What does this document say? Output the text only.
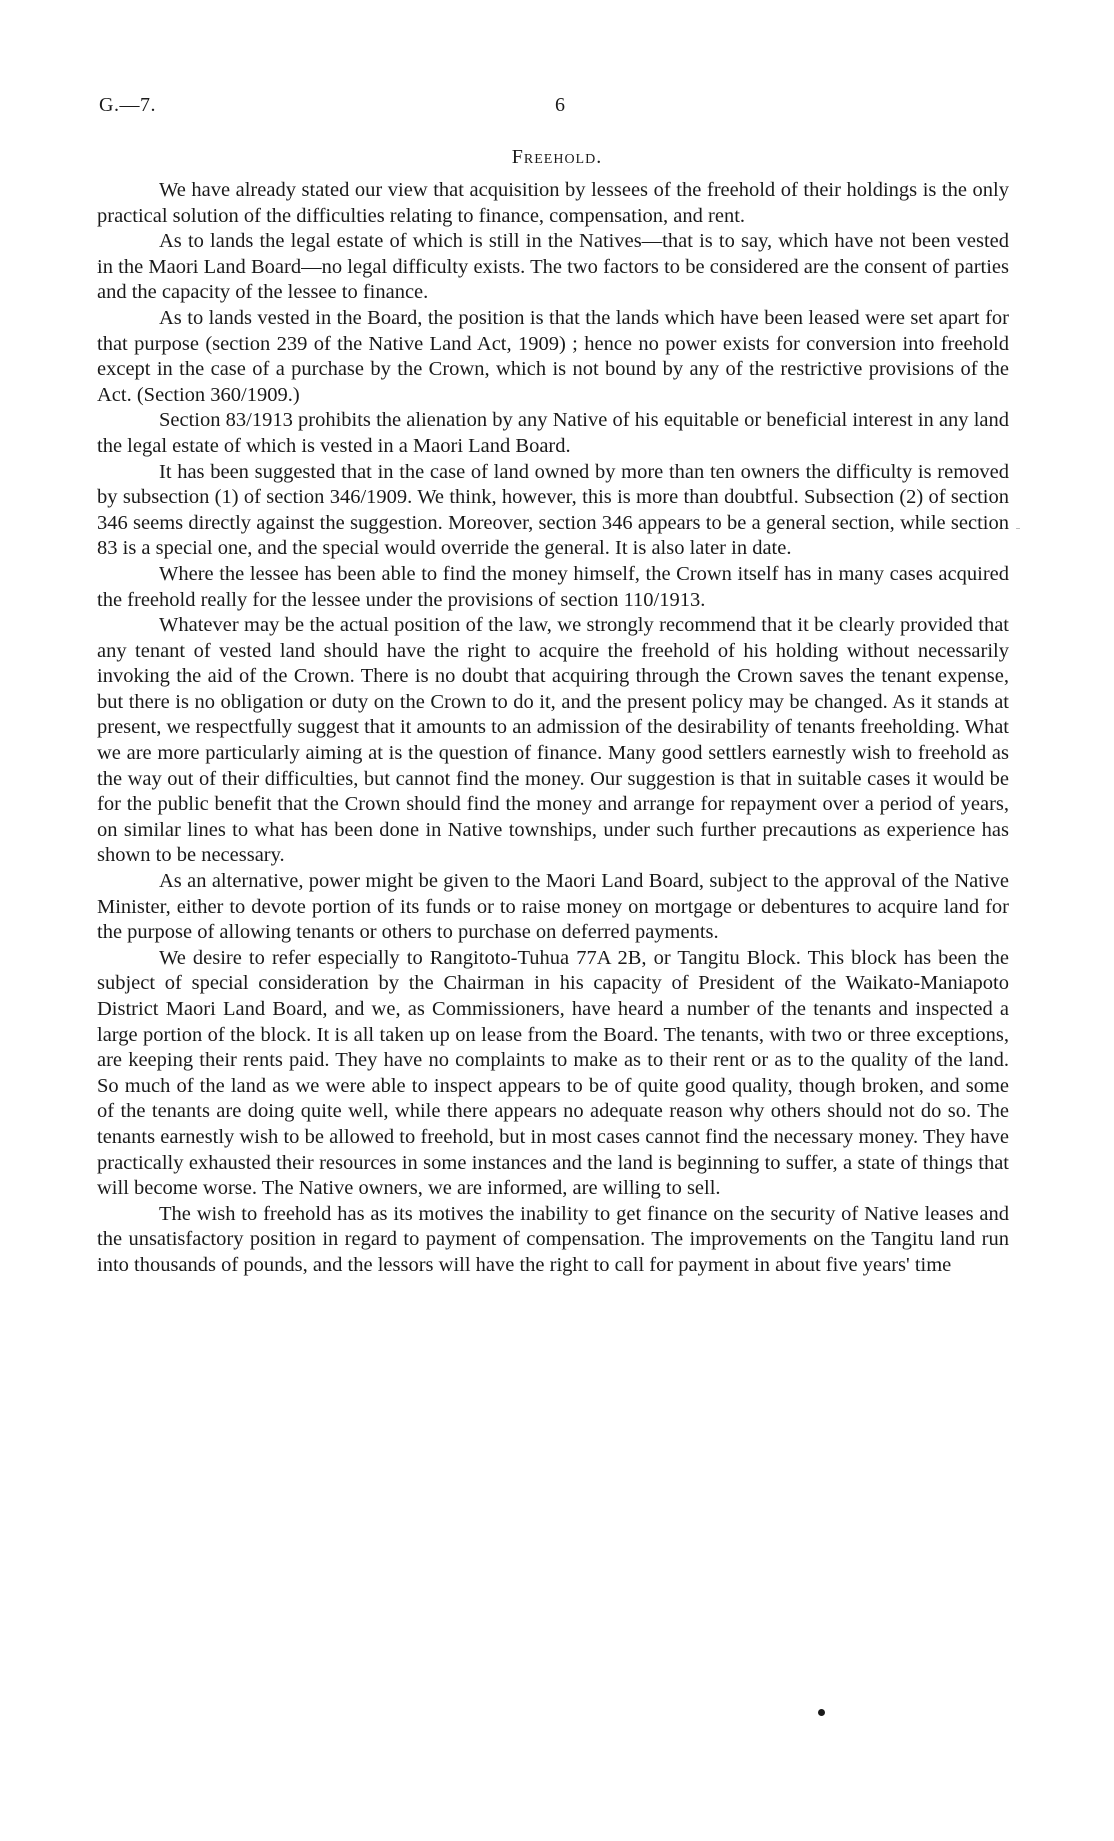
G.—7.	6
Freehold.

We have already stated our view that acquisition by lessees of the freehold of their holdings is the only practical solution of the difficulties relating to finance, compensation, and rent.

As to lands the legal estate of which is still in the Natives—that is to say, which have not been vested in the Maori Land Board—no legal difficulty exists. The two factors to be considered are the consent of parties and the capacity of the lessee to finance.

As to lands vested in the Board, the position is that the lands which have been leased were set apart for that purpose (section 239 of the Native Land Act, 1909) ; hence no power exists for conversion into freehold except in the case of a purchase by the Crown, which is not bound by any of the restrictive provisions of the Act. (Section 360/1909.)

Section 83/1913 prohibits the alienation by any Native of his equitable or beneficial interest in any land the legal estate of which is vested in a Maori Land Board.

It has been suggested that in the case of land owned by more than ten owners the difficulty is removed by subsection (1) of section 346/1909. We think, however, this is more than doubtful. Subsection (2) of section 346 seems directly against the suggestion. Moreover, section 346 appears to be a general section, while section 83 is a special one, and the special would override the general. It is also later in date.

Where the lessee has been able to find the money himself, the Crown itself has in many cases acquired the freehold really for the lessee under the provisions of section 110/1913.

Whatever may be the actual position of the law, we strongly recommend that it be clearly provided that any tenant of vested land should have the right to acquire the freehold of his holding without necessarily invoking the aid of the Crown. There is no doubt that acquiring through the Crown saves the tenant expense, but there is no obligation or duty on the Crown to do it, and the present policy may be changed. As it stands at present, we respectfully suggest that it amounts to an admission of the desirability of tenants freeholding. What we are more particularly aiming at is the question of finance. Many good settlers earnestly wish to freehold as the way out of their difficulties, but cannot find the money. Our suggestion is that in suitable cases it would be for the public benefit that the Crown should find the money and arrange for repayment over a period of years, on similar lines to what has been done in Native townships, under such further precautions as experience has shown to be necessary.

As an alternative, power might be given to the Maori Land Board, subject to the approval of the Native Minister, either to devote portion of its funds or to raise money on mortgage or debentures to acquire land for the purpose of allowing tenants or others to purchase on deferred payments.

We desire to refer especially to Rangitoto-Tuhua 77A 2B, or Tangitu Block. This block has been the subject of special consideration by the Chairman in his capacity of President of the Waikato-Maniapoto District Maori Land Board, and we, as Commissioners, have heard a number of the tenants and inspected a large portion of the block. It is all taken up on lease from the Board. The tenants, with two or three exceptions, are keeping their rents paid. They have no complaints to make as to their rent or as to the quality of the land. So much of the land as we were able to inspect appears to be of quite good quality, though broken, and some of the tenants are doing quite well, while there appears no adequate reason why others should not do so. The tenants earnestly wish to be allowed to freehold, but in most cases cannot find the necessary money. They have practically exhausted their resources in some instances and the land is beginning to suffer, a state of things that will become worse. The Native owners, we are informed, are willing to sell.

The wish to freehold has as its motives the inability to get finance on the security of Native leases and the unsatisfactory position in regard to payment of compensation. The improvements on the Tangitu land run into thousands of pounds, and the lessors will have the right to call for payment in about five years' time
